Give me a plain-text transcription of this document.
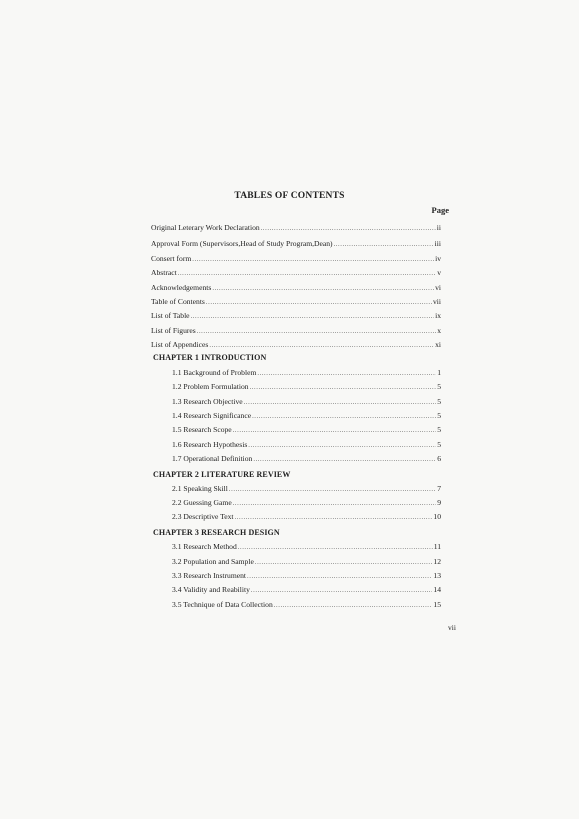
TABLES OF CONTENTS
Page
Original Leterary Work Declaration .....	ii
Approval Form (Supervisors,Head of Study Program,Dean) .....	iii
Consert form .....	iv
Abstract .....	v
Acknowledgements .....	vi
Table of Contents .....	vii
List of Table .....	ix
List of Figures .....	x
List of Appendices .....	xi
CHAPTER 1 INTRODUCTION
1.1 Background of Problem .....	1
1.2 Problem Formulation .....	5
1.3 Research Objective .....	5
1.4 Research Significance .....	5
1.5 Research Scope .....	5
1.6 Research Hypothesis .....	5
1.7 Operational Definition .....	6
CHAPTER 2 LITERATURE REVIEW
2.1 Speaking Skill .....	7
2.2 Guessing Game .....	9
2.3 Descriptive Text .....	10
CHAPTER 3 RESEARCH DESIGN
3.1 Research Method .....	11
3.2 Population and Sample .....	12
3.3 Research Instrument .....	13
3.4 Validity and Reability .....	14
3.5 Technique of Data Collection .....	15
vii
